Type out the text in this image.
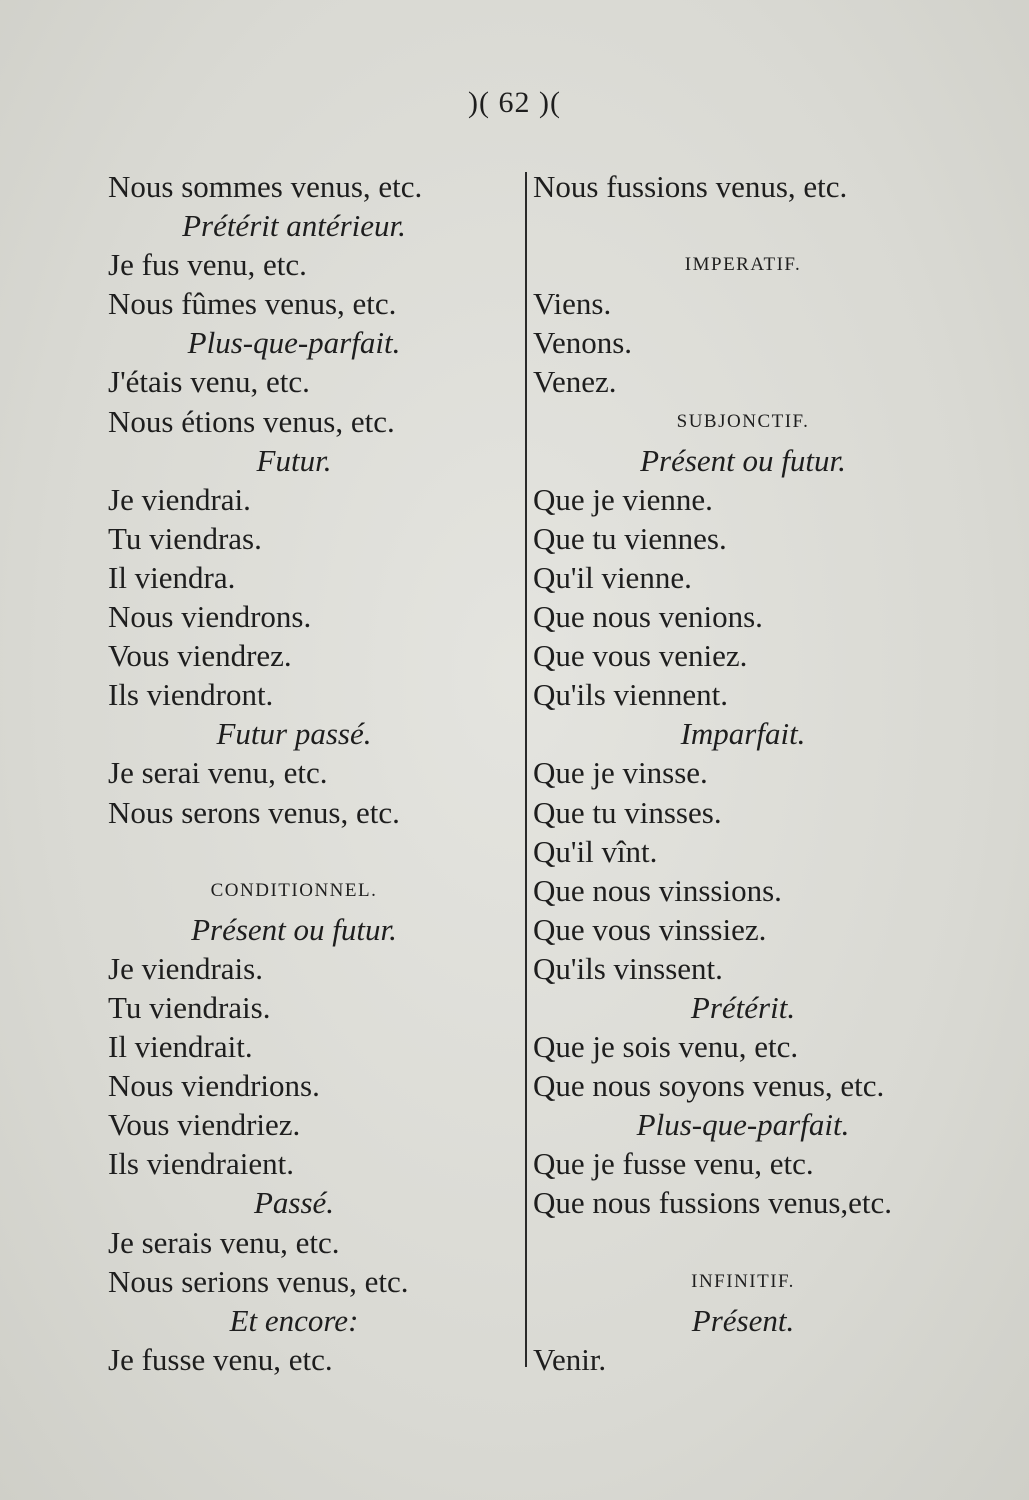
)( 62 )(
Nous sommes venus, etc.
Prétérit antérieur.
Je fus venu, etc.
Nous fûmes venus, etc.
Plus-que-parfait.
J'étais venu, etc.
Nous étions venus, etc.
Futur.
Je viendrai.
Tu viendras.
Il viendra.
Nous viendrons.
Vous viendrez.
Ils viendront.
Futur passé.
Je serai venu, etc.
Nous serons venus, etc.
CONDITIONNEL.
Présent ou futur.
Je viendrais.
Tu viendrais.
Il viendrait.
Nous viendrions.
Vous viendriez.
Ils viendraient.
Passé.
Je serais venu, etc.
Nous serions venus, etc.
Et encore:
Je fusse venu, etc.
Nous fussions venus, etc.
IMPERATIF.
Viens.
Venons.
Venez.
SUBJONCTIF.
Présent ou futur.
Que je vienne.
Que tu viennes.
Qu'il vienne.
Que nous venions.
Que vous veniez.
Qu'ils viennent.
Imparfait.
Que je vinsse.
Que tu vinsses.
Qu'il vînt.
Que nous vinssions.
Que vous vinssiez.
Qu'ils vinssent.
Prétérit.
Que je sois venu, etc.
Que nous soyons venus, etc.
Plus-que-parfait.
Que je fusse venu, etc.
Que nous fussions venus,etc.
INFINITIF.
Présent.
Venir.
